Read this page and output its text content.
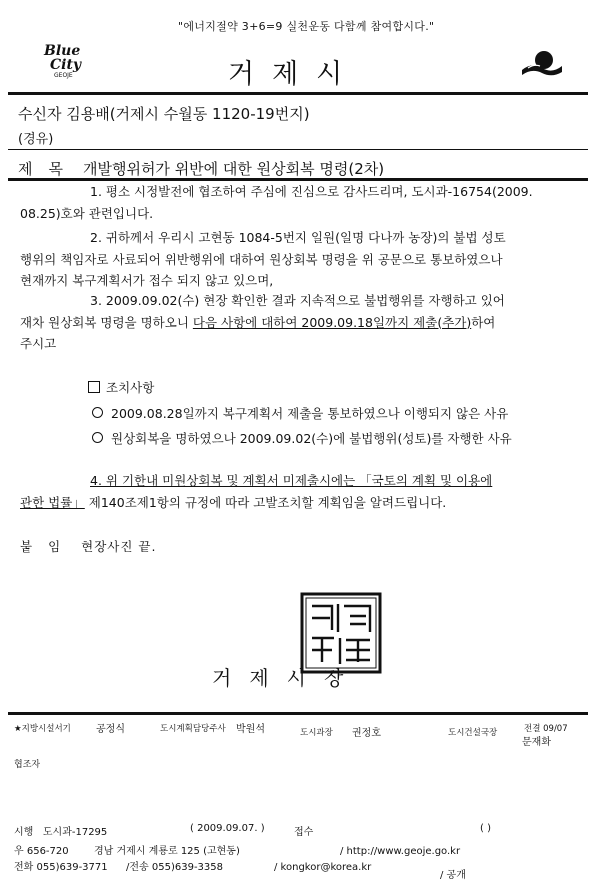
"에너지절약 3+6=9 실천운동 다함께 참여합시다."
Blue
City
GEOJE	거제시
수신자 김용배(거제시 수월동 1120-19번지)
(경유)
제목 개발행위허가 위반에 대한 원상회복 명령(2차)
1. 평소 시정발전에 협조하여 주심에 진심으로 감사드리며, 도시과-16754(2009.
08.25)호와 관련입니다.
2. 귀하께서 우리시 고현동 1084-5번지 일원(일명 다나까 농장)의 불법 성토
행위의 책임자로 사료되어 위반행위에 대하여 원상회복 명령을 위 공문으로 통보하였으나
현재까지 복구계획서가 접수 되지 않고 있으며,
3. 2009.09.02(수) 현장 확인한 결과 지속적으로 불법행위를 자행하고 있어
재차 원상회복 명령을 명하오니 다음 사항에 대하여 2009.09.18일까지 제출(추가)하여
주시고
조치사항
2009.08.28일까지 복구계획서 제출을 통보하였으나 이행되지 않은 사유
원상회복을 명하였으나 2009.09.02(수)에 불법행위(성토)를 자행한 사유
4. 위 기한내 미원상회복 및 계획서 미제출시에는 「국토의 계획 및 이용에
관한 법률」 제140조제1항의 규정에 따라 고발조치할 계획임을 알려드립니다.
붙임 현장사진 끝.
거제시장
★지방시설서기	공정식	도시계획담당주사 박원석	도시과장 권정호	도시건설국장	전결 09/07
문재화
협조자
시행 도시과-17295	( 2009.09.07. )	접수	( )
우 656-720	경남 거제시 계룡로 125 (고현동)	/ http://www.geoje.go.kr
전화 055)639-3771 /전송 055)639-3358	/ kongkor@korea.kr
/ 공개
